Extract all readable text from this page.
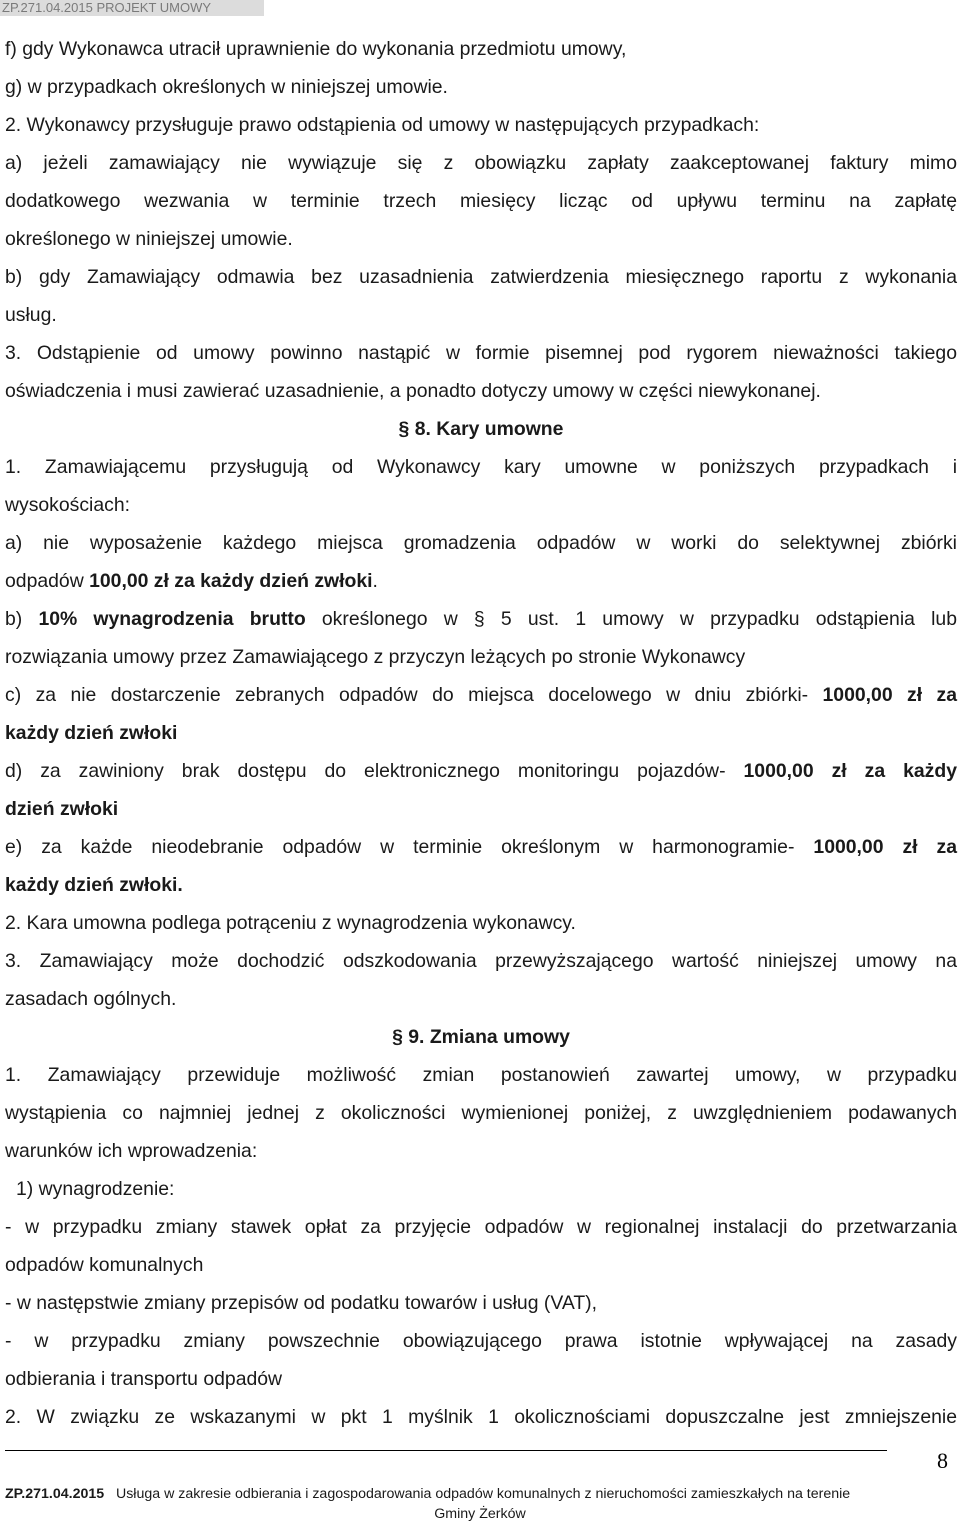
ZP.271.04.2015 PROJEKT UMOWY
f) gdy Wykonawca utracił uprawnienie do wykonania przedmiotu umowy,
g) w przypadkach określonych w niniejszej umowie.
2. Wykonawcy przysługuje prawo odstąpienia od umowy w następujących przypadkach:
a) jeżeli zamawiający nie wywiązuje się z obowiązku zapłaty zaakceptowanej faktury mimo
dodatkowego wezwania w terminie trzech miesięcy licząc od upływu terminu na zapłatę
określonego w niniejszej umowie.
b) gdy Zamawiający odmawia bez uzasadnienia zatwierdzenia miesięcznego raportu z wykonania
usług.
3. Odstąpienie od umowy powinno nastąpić w formie pisemnej pod rygorem nieważności takiego
oświadczenia i musi zawierać uzasadnienie, a ponadto dotyczy umowy w części niewykonanej.
§ 8. Kary umowne
1. Zamawiającemu przysługują od Wykonawcy kary umowne w poniższych przypadkach i
wysokościach:
a) nie wyposażenie każdego miejsca gromadzenia odpadów w worki do selektywnej zbiórki
odpadów 100,00 zł za każdy dzień zwłoki.
b) 10% wynagrodzenia brutto określonego w § 5 ust. 1 umowy w przypadku odstąpienia lub
rozwiązania umowy przez Zamawiającego z przyczyn leżących po stronie Wykonawcy
c) za nie dostarczenie zebranych odpadów do miejsca docelowego w dniu zbiórki- 1000,00 zł za
każdy dzień zwłoki
d) za zawiniony brak dostępu do elektronicznego monitoringu pojazdów- 1000,00 zł za każdy
dzień zwłoki
e) za każde nieodebranie odpadów w terminie określonym w harmonogramie- 1000,00 zł za
każdy dzień zwłoki.
2. Kara umowna podlega potrąceniu z wynagrodzenia wykonawcy.
3. Zamawiający może dochodzić odszkodowania przewyższającego wartość niniejszej umowy na
zasadach ogólnych.
§ 9. Zmiana umowy
1. Zamawiający przewiduje możliwość zmian postanowień zawartej umowy, w przypadku
wystąpienia co najmniej jednej z okoliczności wymienionej poniżej, z uwzględnieniem podawanych
warunków ich wprowadzenia:
1) wynagrodzenie:
- w przypadku zmiany stawek opłat za przyjęcie odpadów w regionalnej instalacji do przetwarzania
odpadów komunalnych
- w następstwie zmiany przepisów od podatku towarów i usług (VAT),
- w przypadku zmiany powszechnie obowiązującego prawa istotnie wpływającej na zasady
odbierania i transportu odpadów
2. W związku ze wskazanymi w pkt 1 myślnik 1 okolicznościami dopuszczalne jest zmniejszenie
8
ZP.271.04.2015 Usługa w zakresie odbierania i zagospodarowania odpadów komunalnych z nieruchomości zamieszkałych na terenie
Gminy Żerków
